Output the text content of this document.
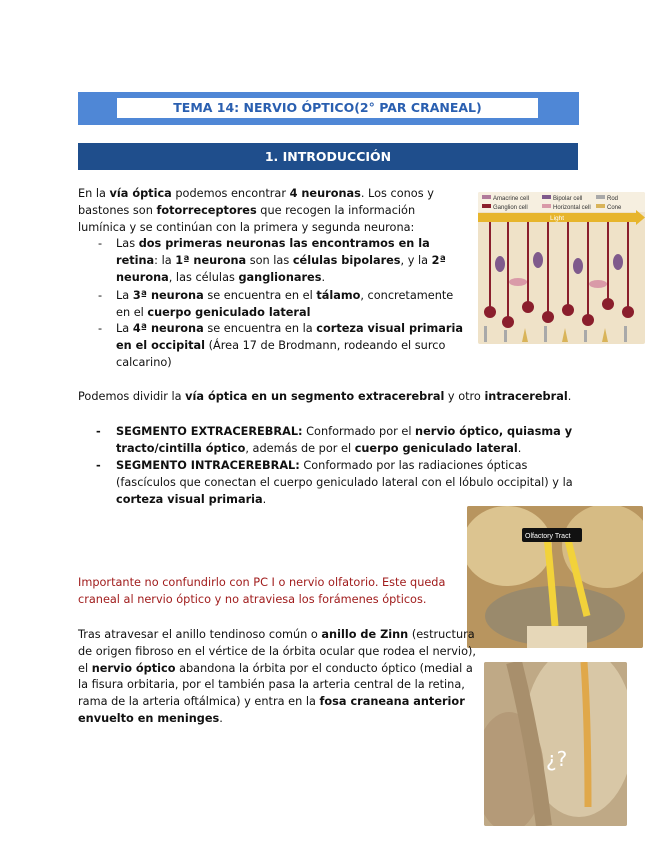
TEMA 14: NERVIO ÓPTICO(2° PAR CRANEAL)
1. INTRODUCCIÓN
En la vía óptica podemos encontrar 4 neuronas. Los conos y bastones son fotorreceptores que recogen la información lumínica y se continúan con la primera y segunda neurona:
-	Las dos primeras neuronas las encontramos en la retina: la 1ª neurona son las células bipolares, y la 2ª neurona, las células ganglionares.
-	La 3ª neurona se encuentra en el tálamo, concretamente en el cuerpo geniculado lateral
-	La 4ª neurona se encuentra en la corteza visual primaria en el occipital (Área 17 de Brodmann, rodeando el surco calcarino)
Amacrine cell	Bipolar cell	Rod
Ganglion cell	Horizontal cell	Cone
Light
Podemos dividir la vía óptica en un segmento extracerebral y otro intracerebral.
-	SEGMENTO EXTRACEREBRAL: Conformado por el nervio óptico, quiasma y tracto/cintilla óptico, además de por el cuerpo geniculado lateral.
-	SEGMENTO INTRACEREBRAL: Conformado por las radiaciones ópticas (fascículos que conectan el cuerpo geniculado lateral con el lóbulo occipital) y la corteza visual primaria.
Olfactory Tract
Importante no confundirlo con PC I o nervio olfatorio. Este queda craneal al nervio óptico y no atraviesa los forámenes ópticos.
Tras atravesar el anillo tendinoso común o anillo de Zinn (estructura de origen fibroso en el vértice de la órbita ocular que rodea el nervio), el nervio óptico abandona la órbita por el conducto óptico (medial a la fisura orbitaria, por el también pasa la arteria central de la retina, rama de la arteria oftálmica) y entra en la fosa craneana anterior envuelto en meninges.
¿?
